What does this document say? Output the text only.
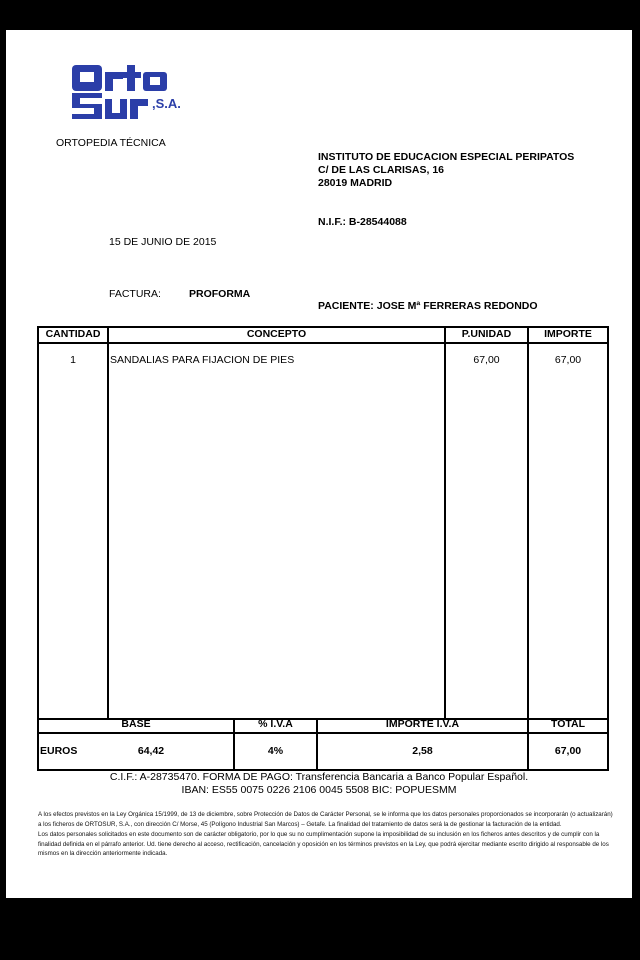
,S.A.
ORTOPEDIA TÉCNICA
INSTITUTO DE EDUCACION ESPECIAL PERIPATOS
C/ DE LAS CLARISAS, 16
28019 MADRID
N.I.F.: B-28544088
15 DE JUNIO DE 2015
FACTURA:	PROFORMA
PACIENTE: JOSE Mª FERRERAS REDONDO
CANTIDAD	CONCEPTO	P.UNIDAD	IMPORTE
1	SANDALIAS PARA FIJACION DE PIES	67,00	67,00
BASE	% I.V.A	IMPORTE I.V.A	TOTAL
EUROS	64,42	4%	2,58	67,00
C.I.F.: A-28735470. FORMA DE PAGO: Transferencia Bancaria a Banco Popular Español.
IBAN: ES55 0075 0226 2106 0045 5508 BIC: POPUESMM

A los efectos previstos en la Ley Orgánica 15/1999, de 13 de diciembre, sobre Protección de Datos de Carácter Personal, se le informa que los datos personales proporcionados se incorporarán (o actualizarán) a los ficheros de ORTOSUR, S.A., con dirección C/ Morse, 45 (Polígono Industrial San Marcos) – Getafe. La finalidad del tratamiento de datos será la de gestionar la facturación de la entidad.

Los datos personales solicitados en este documento son de carácter obligatorio, por lo que su no cumplimentación supone la imposibilidad de su inclusión en los ficheros antes descritos y de cumplir con la finalidad definida en el párrafo anterior. Ud. tiene derecho al acceso, rectificación, cancelación y oposición en los términos previstos en la Ley, que podrá ejercitar mediante escrito dirigido al responsable de los mismos en la dirección anteriormente indicada.
